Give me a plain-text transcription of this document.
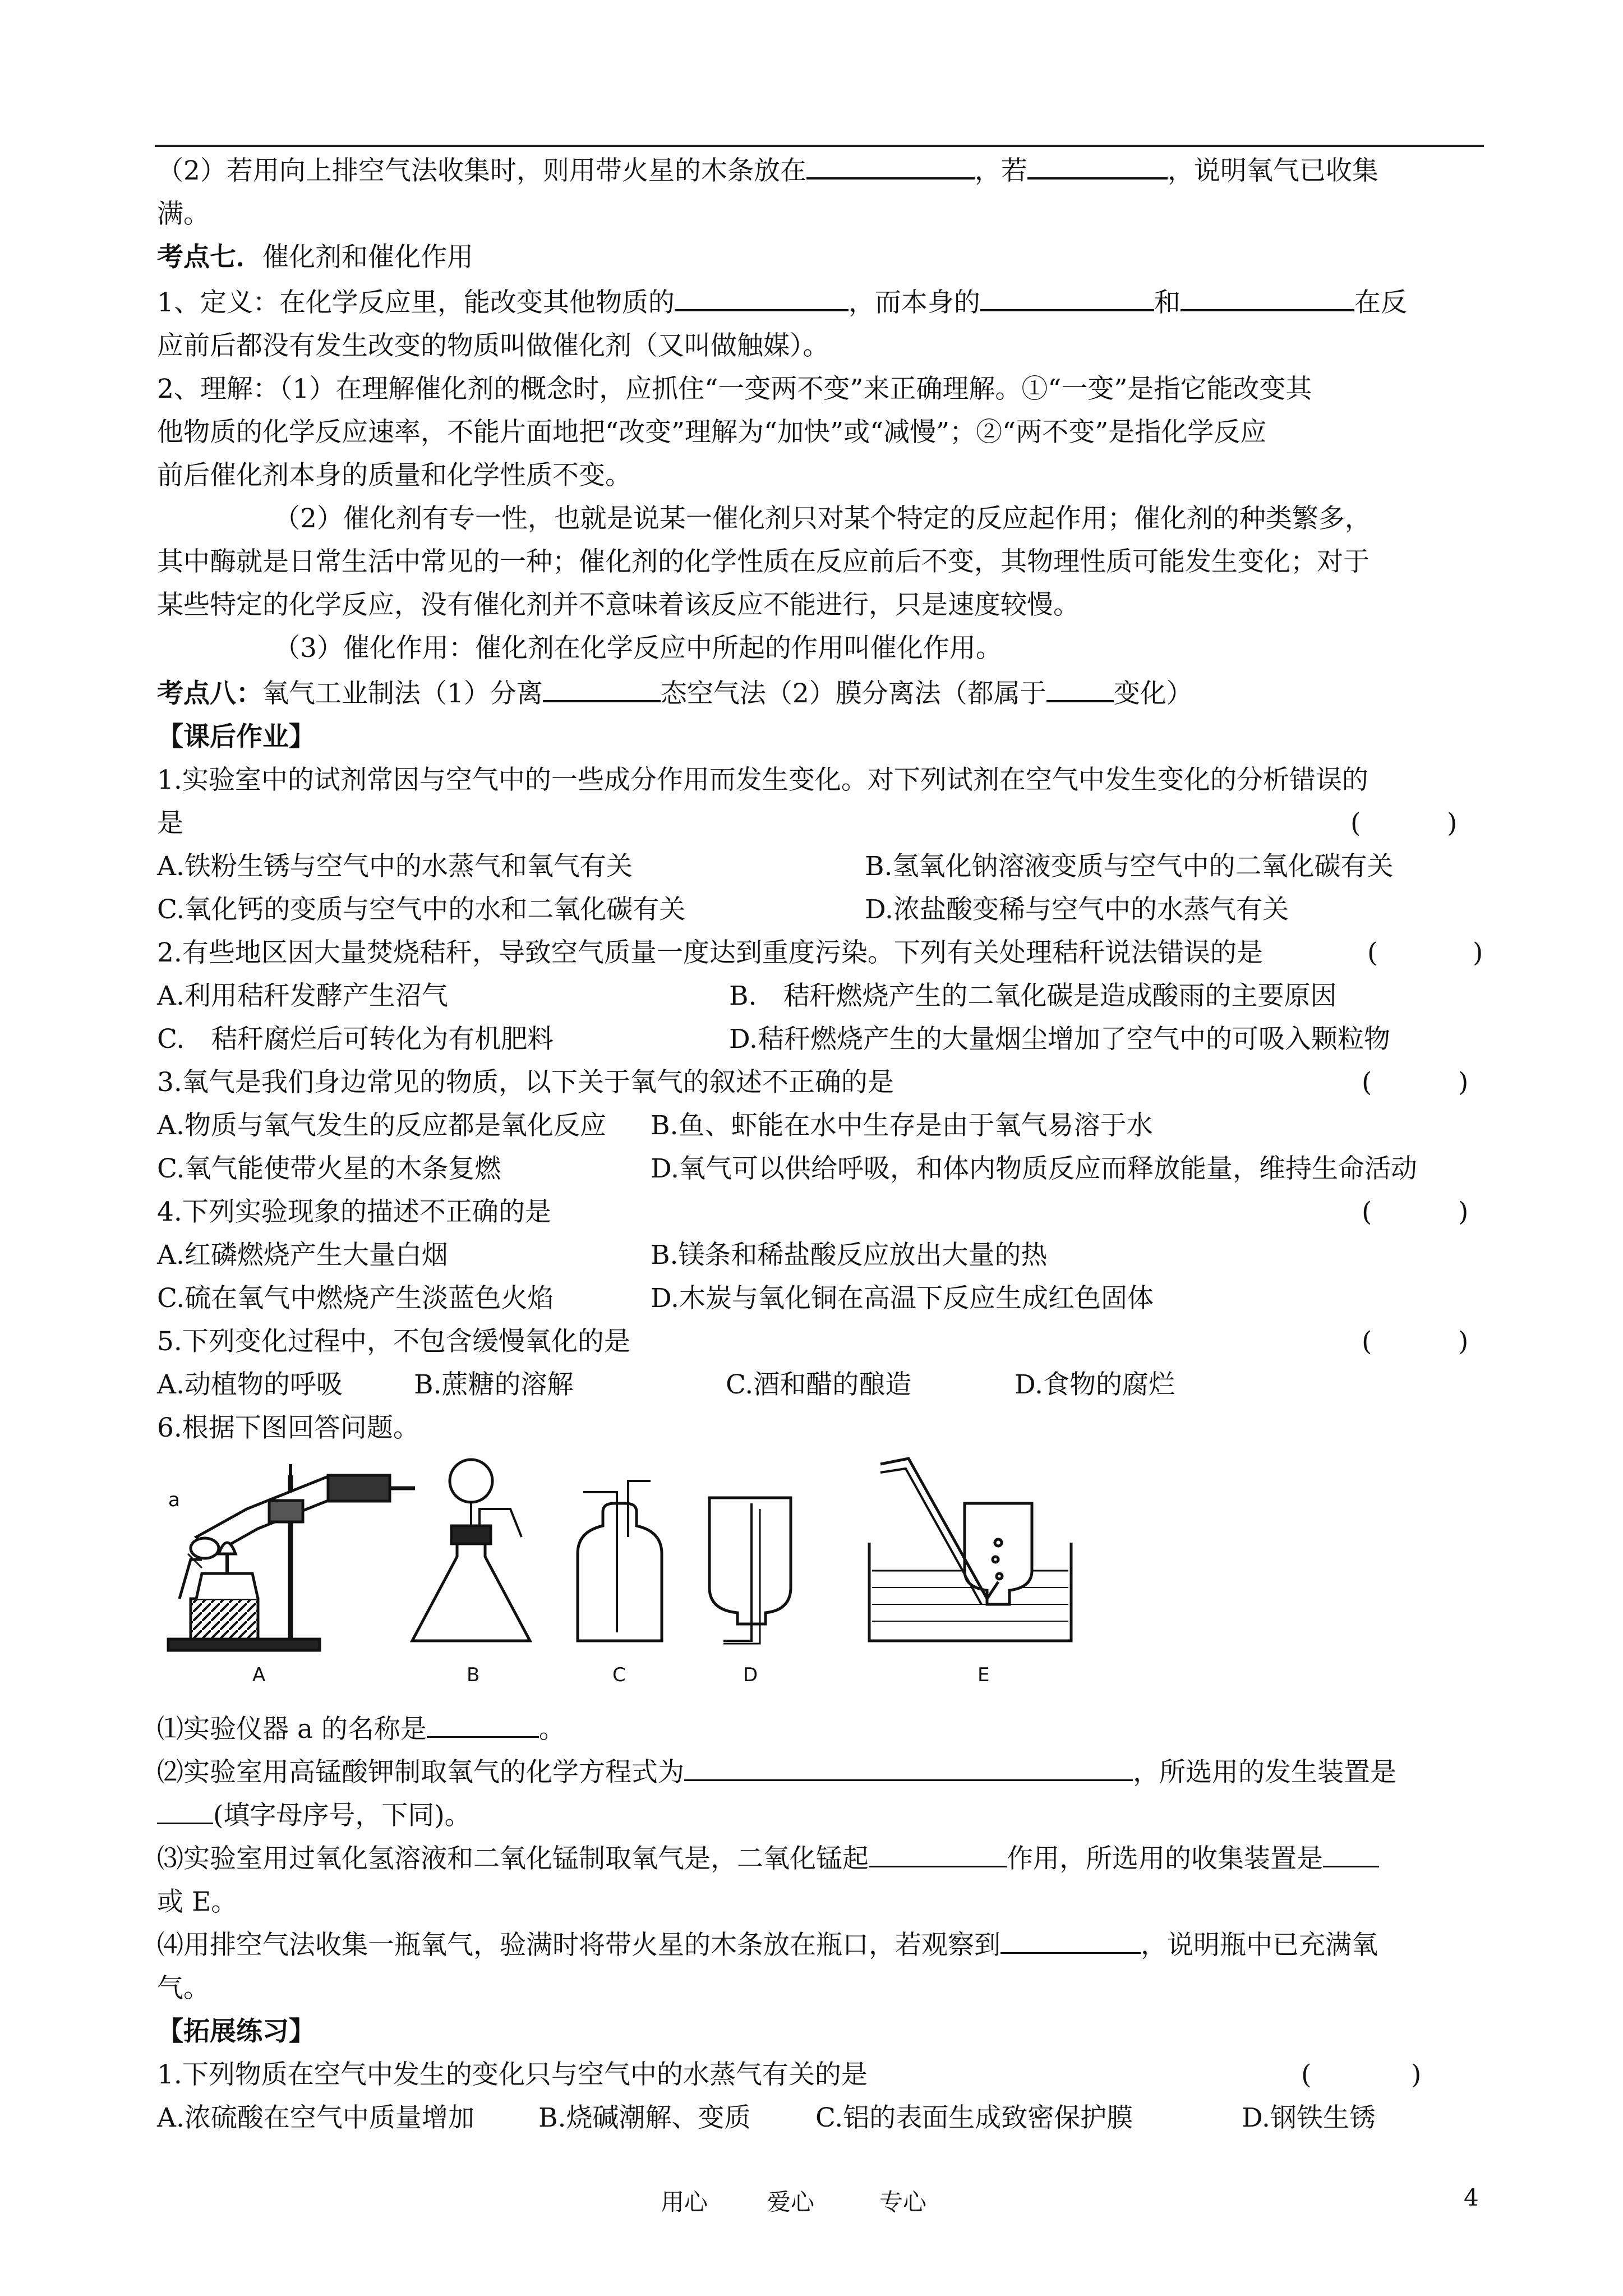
（2）若用向上排空气法收集时，则用带火星的木条放在	，若	，说明氧气已收集
满。
考点七．催化剂和催化作用
1、定义：在化学反应里，能改变其他物质的	，而本身的	和	在反
应前后都没有发生改变的物质叫做催化剂（又叫做触媒）。
2、理解：（1）在理解催化剂的概念时，应抓住“一变两不变”来正确理解。①“一变”是指它能改变其
他物质的化学反应速率，不能片面地把“改变”理解为“加快”或“减慢”；②“两不变”是指化学反应
前后催化剂本身的质量和化学性质不变。
（2）催化剂有专一性，也就是说某一催化剂只对某个特定的反应起作用；催化剂的种类繁多，
其中酶就是日常生活中常见的一种；催化剂的化学性质在反应前后不变，其物理性质可能发生变化；对于
某些特定的化学反应，没有催化剂并不意味着该反应不能进行，只是速度较慢。
（3）催化作用：催化剂在化学反应中所起的作用叫催化作用。
考点八：氧气工业制法（1）分离	态空气法（2）膜分离法（都属于	变化）
【课后作业】
1.实验室中的试剂常因与空气中的一些成分作用而发生变化。对下列试剂在空气中发生变化的分析错误的
是	(	)
A.铁粉生锈与空气中的水蒸气和氧气有关	B.氢氧化钠溶液变质与空气中的二氧化碳有关
C.氧化钙的变质与空气中的水和二氧化碳有关	D.浓盐酸变稀与空气中的水蒸气有关
2.有些地区因大量焚烧秸秆，导致空气质量一度达到重度污染。下列有关处理秸秆说法错误的是	(	)
A.利用秸秆发酵产生沼气	B.　秸秆燃烧产生的二氧化碳是造成酸雨的主要原因
C.　秸秆腐烂后可转化为有机肥料	D.秸秆燃烧产生的大量烟尘增加了空气中的可吸入颗粒物
3.氧气是我们身边常见的物质，以下关于氧气的叙述不正确的是	(	)
A.物质与氧气发生的反应都是氧化反应	B.鱼、虾能在水中生存是由于氧气易溶于水
C.氧气能使带火星的木条复燃	D.氧气可以供给呼吸，和体内物质反应而释放能量，维持生命活动
4.下列实验现象的描述不正确的是	(	)
A.红磷燃烧产生大量白烟	B.镁条和稀盐酸反应放出大量的热
C.硫在氧气中燃烧产生淡蓝色火焰	D.木炭与氧化铜在高温下反应生成红色固体
5.下列变化过程中，不包含缓慢氧化的是	(	)
A.动植物的呼吸	B.蔗糖的溶解	C.酒和醋的酿造	D.食物的腐烂
6.根据下图回答问题。
⑴实验仪器 a 的名称是	。
⑵实验室用高锰酸钾制取氧气的化学方程式为	，所选用的发生装置是
(填字母序号，下同)。
⑶实验室用过氧化氢溶液和二氧化锰制取氧气是，二氧化锰起	作用，所选用的收集装置是
或 E。
⑷用排空气法收集一瓶氧气，验满时将带火星的木条放在瓶口，若观察到	，说明瓶中已充满氧
气。
【拓展练习】
1.下列物质在空气中发生的变化只与空气中的水蒸气有关的是	(	)
A.浓硫酸在空气中质量增加	B.烧碱潮解、变质	C.铝的表面生成致密保护膜	D.钢铁生锈
a
A	B	C	D	E
用心	爱心	专心	4
